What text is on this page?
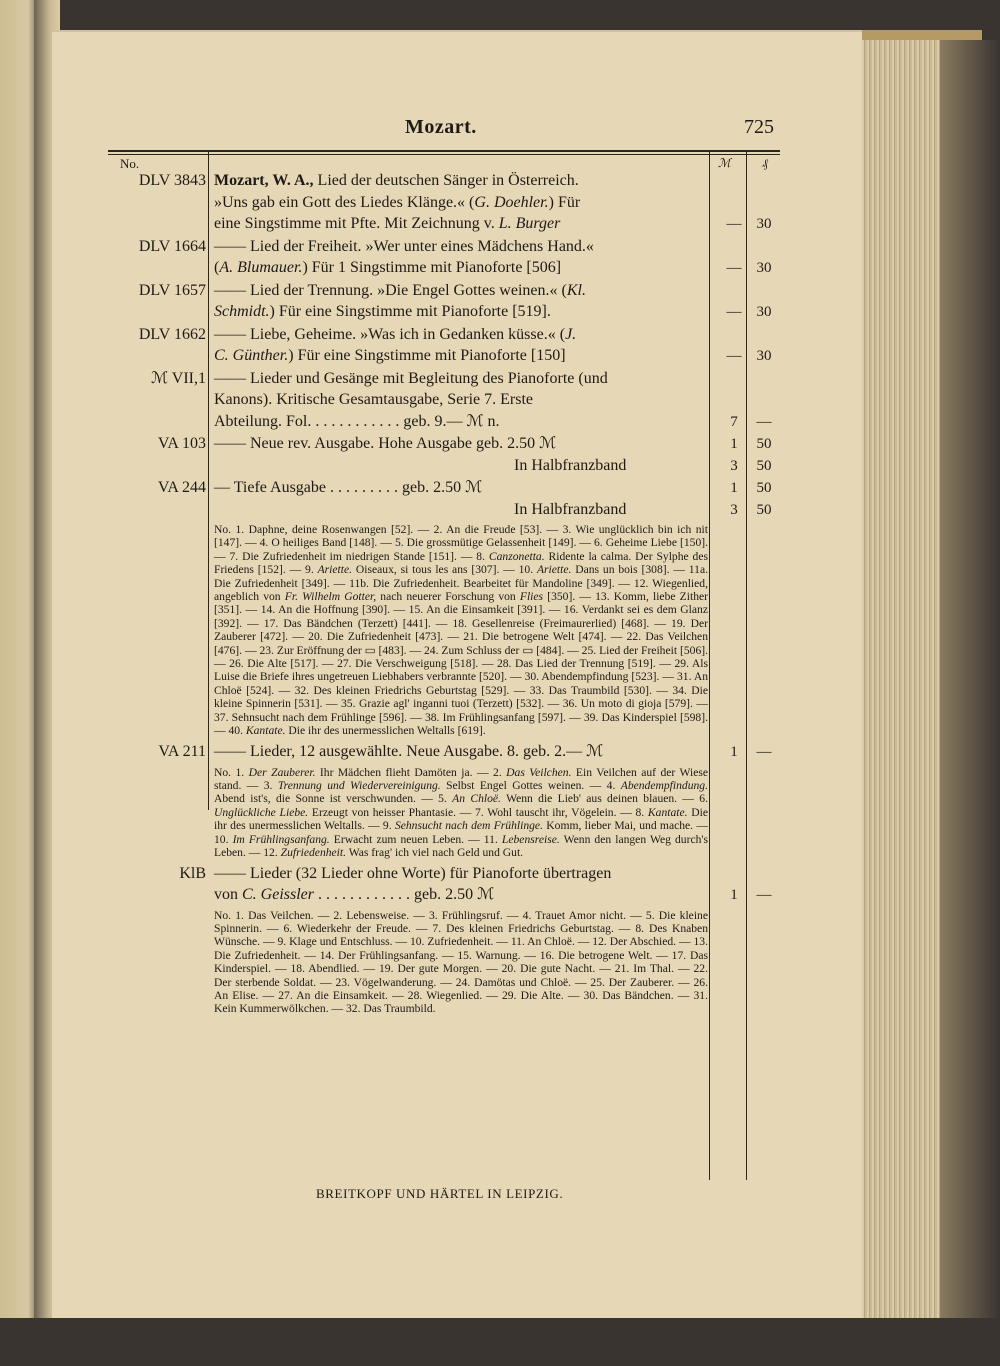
Mozart.	725
No.	ℳ	₰
DLV 3843 Mozart, W. A., Lied der deutschen Sänger in Österreich.
»Uns gab ein Gott des Liedes Klänge.« (G. Doehler.) Für
eine Singstimme mit Pfte. Mit Zeichnung v. L. Burger	—	30
DLV 1664 —— Lied der Freiheit. »Wer unter eines Mädchens Hand.«
(A. Blumauer.) Für 1 Singstimme mit Pianoforte [506]	—	30
DLV 1657 —— Lied der Trennung. »Die Engel Gottes weinen.« (Kl.
Schmidt.) Für eine Singstimme mit Pianoforte [519].	—	30
DLV 1662 —— Liebe, Geheime. »Was ich in Gedanken küsse.« (J.
C. Günther.) Für eine Singstimme mit Pianoforte [150]	—	30
ℳ VII,1 —— Lieder und Gesänge mit Begleitung des Pianoforte (und
Kanons). Kritische Gesamtausgabe, Serie 7. Erste
Abteilung. Fol. . . . . . . . . . . . geb. 9.— ℳ n.	7	—
VA 103 —— Neue rev. Ausgabe. Hohe Ausgabe geb. 2.50 ℳ	1	50
In Halbfranzband	3	50
VA 244 — Tiefe Ausgabe . . . . . . . . . geb. 2.50 ℳ	1	50
In Halbfranzband	3	50
No. 1. Daphne, deine Rosenwangen [52]. — 2. An die Freude [53]. — 3. Wie unglücklich bin ich nit [147]. — 4. O heiliges Band [148]. — 5. Die grossmütige Gelassenheit [149]. — 6. Geheime Liebe [150]. — 7. Die Zufriedenheit im niedrigen Stande [151]. — 8. Canzonetta. Ridente la calma. Der Sylphe des Friedens [152]. — 9. Ariette. Oiseaux, si tous les ans [307]. — 10. Ariette. Dans un bois [308]. — 11a. Die Zufriedenheit [349]. — 11b. Die Zufriedenheit. Bearbeitet für Mandoline [349]. — 12. Wiegenlied, angeblich von Fr. Wilhelm Gotter, nach neuerer Forschung von Flies [350]. — 13. Komm, liebe Zither [351]. — 14. An die Hoffnung [390]. — 15. An die Einsamkeit [391]. — 16. Verdankt sei es dem Glanz [392]. — 17. Das Bändchen (Terzett) [441]. — 18. Gesellenreise (Freimaurerlied) [468]. — 19. Der Zauberer [472]. — 20. Die Zufriedenheit [473]. — 21. Die betrogene Welt [474]. — 22. Das Veilchen [476]. — 23. Zur Eröffnung der ▭ [483]. — 24. Zum Schluss der ▭ [484]. — 25. Lied der Freiheit [506]. — 26. Die Alte [517]. — 27. Die Verschweigung [518]. — 28. Das Lied der Trennung [519]. — 29. Als Luise die Briefe ihres ungetreuen Liebhabers verbrannte [520]. — 30. Abendempfindung [523]. — 31. An Chloë [524]. — 32. Des kleinen Friedrichs Geburtstag [529]. — 33. Das Traumbild [530]. — 34. Die kleine Spinnerin [531]. — 35. Grazie agl' inganni tuoi (Terzett) [532]. — 36. Un moto di gioja [579]. — 37. Sehnsucht nach dem Frühlinge [596]. — 38. Im Frühlingsanfang [597]. — 39. Das Kinderspiel [598]. — 40. Kantate. Die ihr des unermesslichen Weltalls [619].
VA 211 —— Lieder, 12 ausgewählte. Neue Ausgabe. 8. geb. 2.— ℳ	1	—
No. 1. Der Zauberer. Ihr Mädchen flieht Damöten ja. — 2. Das Veilchen. Ein Veilchen auf der Wiese stand. — 3. Trennung und Wiedervereinigung. Selbst Engel Gottes weinen. — 4. Abendempfindung. Abend ist's, die Sonne ist verschwunden. — 5. An Chloë. Wenn die Lieb' aus deinen blauen. — 6. Unglückliche Liebe. Erzeugt von heisser Phantasie. — 7. Wohl tauscht ihr, Vögelein. — 8. Kantate. Die ihr des unermesslichen Weltalls. — 9. Sehnsucht nach dem Frühlinge. Komm, lieber Mai, und mache. — 10. Im Frühlingsanfang. Erwacht zum neuen Leben. — 11. Lebensreise. Wenn den langen Weg durch's Leben. — 12. Zufriedenheit. Was frag' ich viel nach Geld und Gut.
KlB —— Lieder (32 Lieder ohne Worte) für Pianoforte übertragen
von C. Geissler . . . . . . . . . . . . geb. 2.50 ℳ	1	—
No. 1. Das Veilchen. — 2. Lebensweise. — 3. Frühlingsruf. — 4. Trauet Amor nicht. — 5. Die kleine Spinnerin. — 6. Wiederkehr der Freude. — 7. Des kleinen Friedrichs Geburtstag. — 8. Des Knaben Wünsche. — 9. Klage und Entschluss. — 10. Zufriedenheit. — 11. An Chloë. — 12. Der Abschied. — 13. Die Zufriedenheit. — 14. Der Frühlingsanfang. — 15. Warnung. — 16. Die betrogene Welt. — 17. Das Kinderspiel. — 18. Abendlied. — 19. Der gute Morgen. — 20. Die gute Nacht. — 21. Im Thal. — 22. Der sterbende Soldat. — 23. Vögelwanderung. — 24. Damötas und Chloë. — 25. Der Zauberer. — 26. An Elise. — 27. An die Einsamkeit. — 28. Wiegenlied. — 29. Die Alte. — 30. Das Bändchen. — 31. Kein Kummerwölkchen. — 32. Das Traumbild.
BREITKOPF UND HÄRTEL IN LEIPZIG.
